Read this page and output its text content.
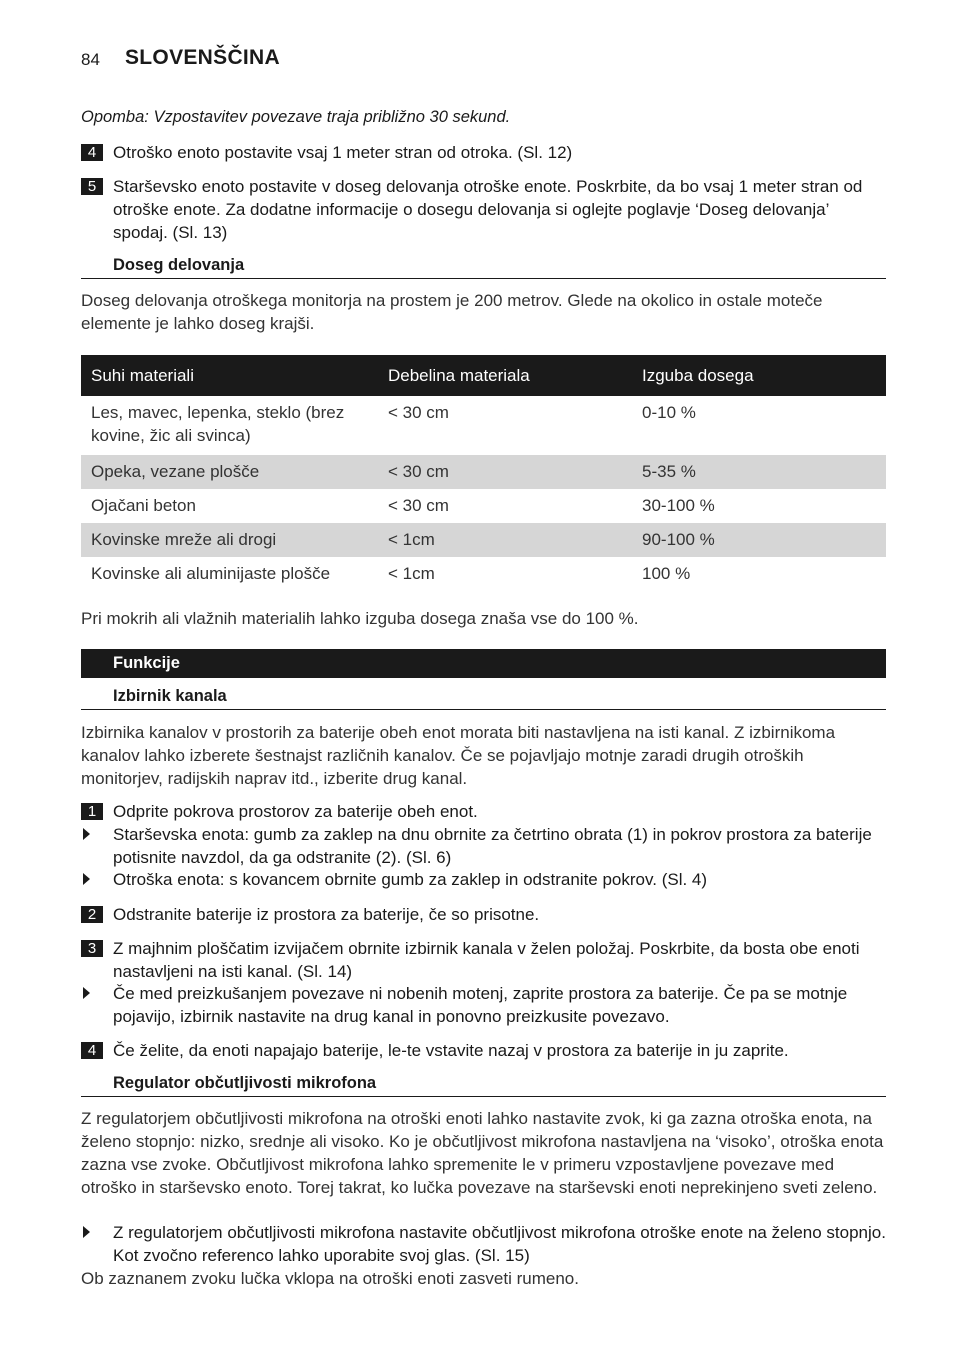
84 SLOVENŠČINA
Opomba: Vzpostavitev povezave traja približno 30 sekund.
4 Otroško enoto postavite vsaj 1 meter stran od otroka. (Sl. 12)
5 Starševsko enoto postavite v doseg delovanja otroške enote. Poskrbite, da bo vsaj 1 meter stran od otroške enote. Za dodatne informacije o dosegu delovanja si oglejte poglavje ‘Doseg delovanja’ spodaj. (Sl. 13)
Doseg delovanja
Doseg delovanja otroškega monitorja na prostem je 200 metrov. Glede na okolico in ostale moteče elemente je lahko doseg krajši.
Suhi materiali	Debelina materiala	Izguba dosega
Les, mavec, lepenka, steklo (brez kovine, žic ali svinca)	< 30 cm	0-10 %
Opeka, vezane plošče	< 30 cm	5-35 %
Ojačani beton	< 30 cm	30-100 %
Kovinske mreže ali drogi	< 1cm	90-100 %
Kovinske ali aluminijaste plošče	< 1cm	100 %
Pri mokrih ali vlažnih materialih lahko izguba dosega znaša vse do 100 %.
Funkcije
Izbirnik kanala
Izbirnika kanalov v prostorih za baterije obeh enot morata biti nastavljena na isti kanal. Z izbirnikoma kanalov lahko izberete šestnajst različnih kanalov. Če se pojavljajo motnje zaradi drugih otroških monitorjev, radijskih naprav itd., izberite drug kanal.
1 Odprite pokrova prostorov za baterije obeh enot.
Starševska enota: gumb za zaklep na dnu obrnite za četrtino obrata (1) in pokrov prostora za baterije potisnite navzdol, da ga odstranite (2). (Sl. 6)
Otroška enota: s kovancem obrnite gumb za zaklep in odstranite pokrov. (Sl. 4)
2 Odstranite baterije iz prostora za baterije, če so prisotne.
3 Z majhnim ploščatim izvijačem obrnite izbirnik kanala v želen položaj. Poskrbite, da bosta obe enoti nastavljeni na isti kanal. (Sl. 14)
Če med preizkušanjem povezave ni nobenih motenj, zaprite prostora za baterije. Če pa se motnje pojavijo, izbirnik nastavite na drug kanal in ponovno preizkusite povezavo.
4 Če želite, da enoti napajajo baterije, le-te vstavite nazaj v prostora za baterije in ju zaprite.
Regulator občutljivosti mikrofona
Z regulatorjem občutljivosti mikrofona na otroški enoti lahko nastavite zvok, ki ga zazna otroška enota, na želeno stopnjo: nizko, srednje ali visoko. Ko je občutljivost mikrofona nastavljena na ‘visoko’, otroška enota zazna vse zvoke. Občutljivost mikrofona lahko spremenite le v primeru vzpostavljene povezave med otroško in starševsko enoto. Torej takrat, ko lučka povezave na starševski enoti neprekinjeno sveti zeleno.
Z regulatorjem občutljivosti mikrofona nastavite občutljivost mikrofona otroške enote na želeno stopnjo. Kot zvočno referenco lahko uporabite svoj glas. (Sl. 15)
Ob zaznanem zvoku lučka vklopa na otroški enoti zasveti rumeno.
